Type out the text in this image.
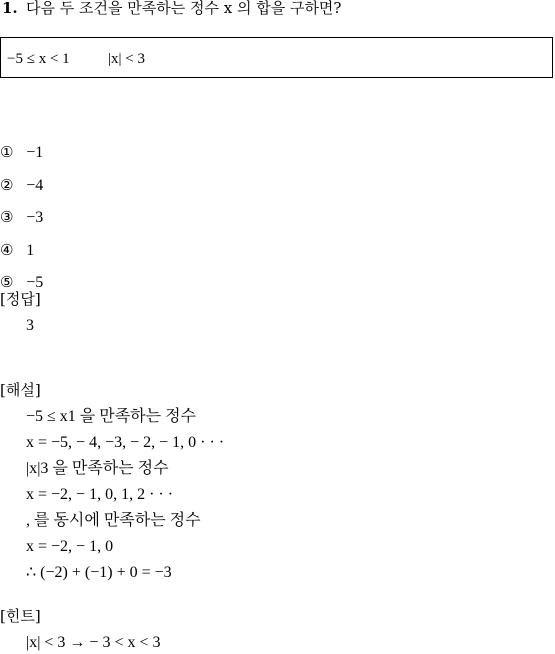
1. 다음 두 조건을 만족하는 정수 x 의 합을 구하면?
−5 ≤ x < 1	|x| < 3
① −1
② −4
③ −3
④ 1
⑤ −5
[정답]
3
[해설]
−5 ≤ x1 을 만족하는 정수
x = −5, − 4, −3, − 2, − 1, 0 · · ·
|x|3 을 만족하는 정수
x = −2, − 1, 0, 1, 2 · · ·
, 를 동시에 만족하는 정수
x = −2, − 1, 0
∴ (−2) + (−1) + 0 = −3
[힌트]
|x| < 3 → − 3 < x < 3
